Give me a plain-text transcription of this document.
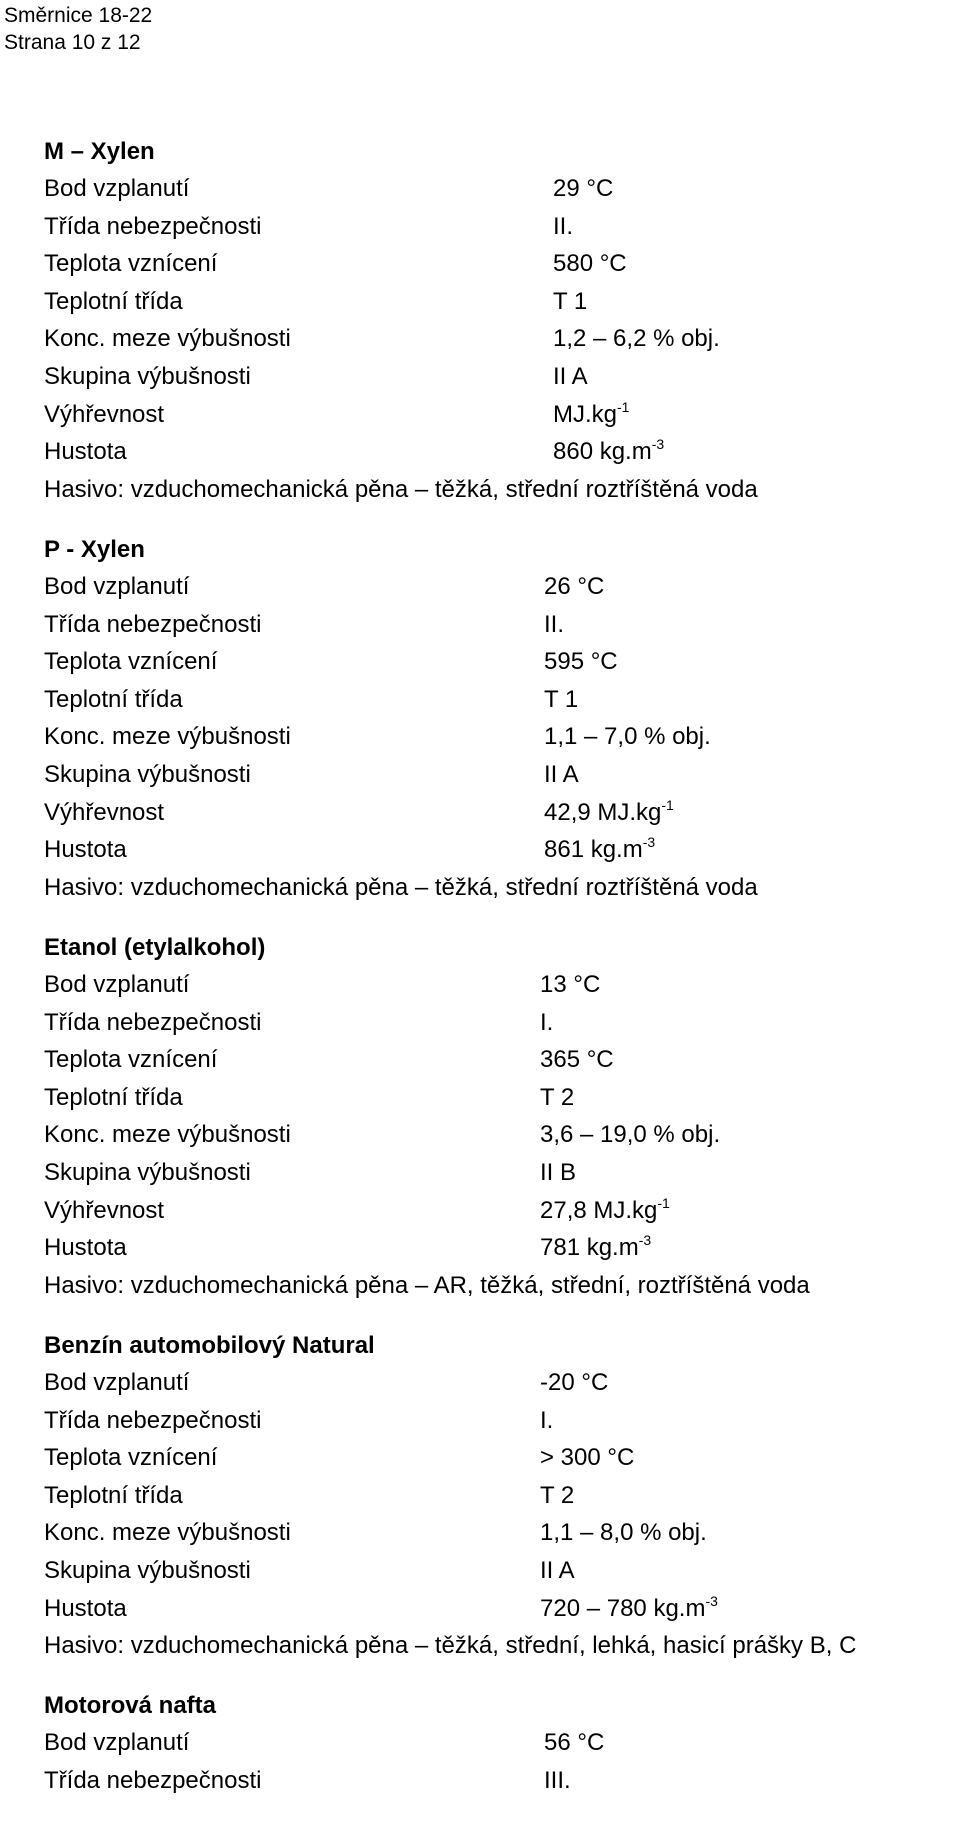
Směrnice 18-22
Strana 10 z 12
M – Xylen
Bod vzplanutí	29 °C
Třída nebezpečnosti	II.
Teplota vznícení	580 °C
Teplotní třída	T 1
Konc. meze výbušnosti	1,2 – 6,2 % obj.
Skupina výbušnosti	II A
Výhřevnost	$MJ.kg^{-1}$
Hustota	860 $kg.m^{-3}$
Hasivo: vzduchomechanická pěna – těžká, střední roztříštěná voda
P - Xylen
Bod vzplanutí	26 °C
Třída nebezpečnosti	II.
Teplota vznícení	595 °C
Teplotní třída	T 1
Konc. meze výbušnosti	1,1 – 7,0 % obj.
Skupina výbušnosti	II A
Výhřevnost	42,9 $MJ.kg^{-1}$
Hustota	861 $kg.m^{-3}$
Hasivo: vzduchomechanická pěna – těžká, střední roztříštěná voda
Etanol (etylalkohol)
Bod vzplanutí	13 °C
Třída nebezpečnosti	I.
Teplota vznícení	365 °C
Teplotní třída	T 2
Konc. meze výbušnosti	3,6 – 19,0 % obj.
Skupina výbušnosti	II B
Výhřevnost	27,8 $MJ.kg^{-1}$
Hustota	781 $kg.m^{-3}$
Hasivo: vzduchomechanická pěna – AR, těžká, střední, roztříštěná voda
Benzín automobilový Natural
Bod vzplanutí	-20 °C
Třída nebezpečnosti	I.
Teplota vznícení	> 300 °C
Teplotní třída	T 2
Konc. meze výbušnosti	1,1 – 8,0 % obj.
Skupina výbušnosti	II A
Hustota	720 – 780 $kg.m^{-3}$
Hasivo: vzduchomechanická pěna – těžká, střední, lehká, hasicí prášky B, C
Motorová nafta
Bod vzplanutí	56 °C
Třída nebezpečnosti	III.
